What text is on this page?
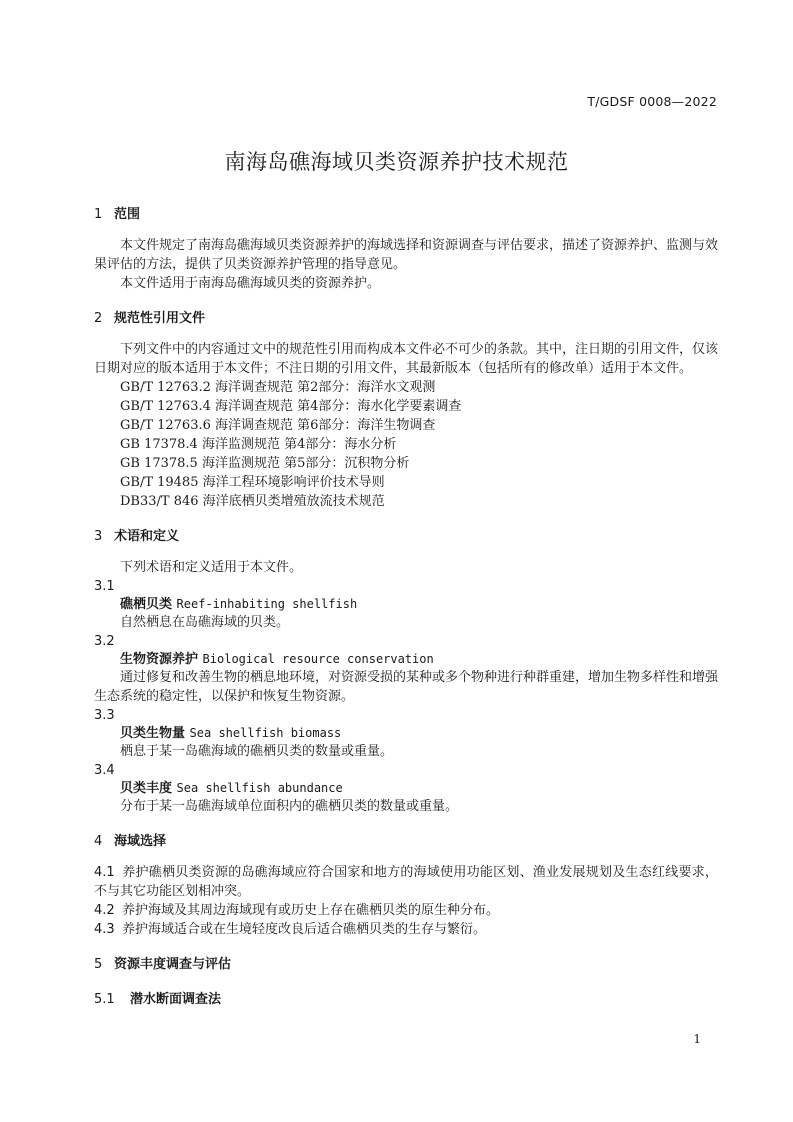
T/GDSF 0008—2022
南海岛礁海域贝类资源养护技术规范
1 范围

本文件规定了南海岛礁海域贝类资源养护的海域选择和资源调查与评估要求，描述了资源养护、监测与效果评估的方法，提供了贝类资源养护管理的指导意见。

本文件适用于南海岛礁海域贝类的资源养护。

2 规范性引用文件

下列文件中的内容通过文中的规范性引用而构成本文件必不可少的条款。其中，注日期的引用文件，仅该日期对应的版本适用于本文件；不注日期的引用文件，其最新版本（包括所有的修改单）适用于本文件。

GB/T 12763.2 海洋调查规范 第2部分：海洋水文观测
GB/T 12763.4 海洋调查规范 第4部分：海水化学要素调查
GB/T 12763.6 海洋调查规范 第6部分：海洋生物调查
GB 17378.4 海洋监测规范 第4部分：海水分析
GB 17378.5 海洋监测规范 第5部分：沉积物分析
GB/T 19485 海洋工程环境影响评价技术导则
DB33/T 846 海洋底栖贝类增殖放流技术规范
3 术语和定义

下列术语和定义适用于本文件。

3.1
礁栖贝类 Reef-inhabiting shellfish

自然栖息在岛礁海域的贝类。

3.2
生物资源养护 Biological resource conservation

通过修复和改善生物的栖息地环境，对资源受损的某种或多个物种进行种群重建，增加生物多样性和增强生态系统的稳定性，以保护和恢复生物资源。

3.3
贝类生物量 Sea shellfish biomass

栖息于某一岛礁海域的礁栖贝类的数量或重量。

3.4
贝类丰度 Sea shellfish abundance

分布于某一岛礁海域单位面积内的礁栖贝类的数量或重量。

4 海域选择

4.1 养护礁栖贝类资源的岛礁海域应符合国家和地方的海域使用功能区划、渔业发展规划及生态红线要求，不与其它功能区划相冲突。

4.2 养护海域及其周边海域现有或历史上存在礁栖贝类的原生种分布。

4.3 养护海域适合或在生境轻度改良后适合礁栖贝类的生存与繁衍。

5 资源丰度调查与评估
5.1 潜水断面调查法
1
